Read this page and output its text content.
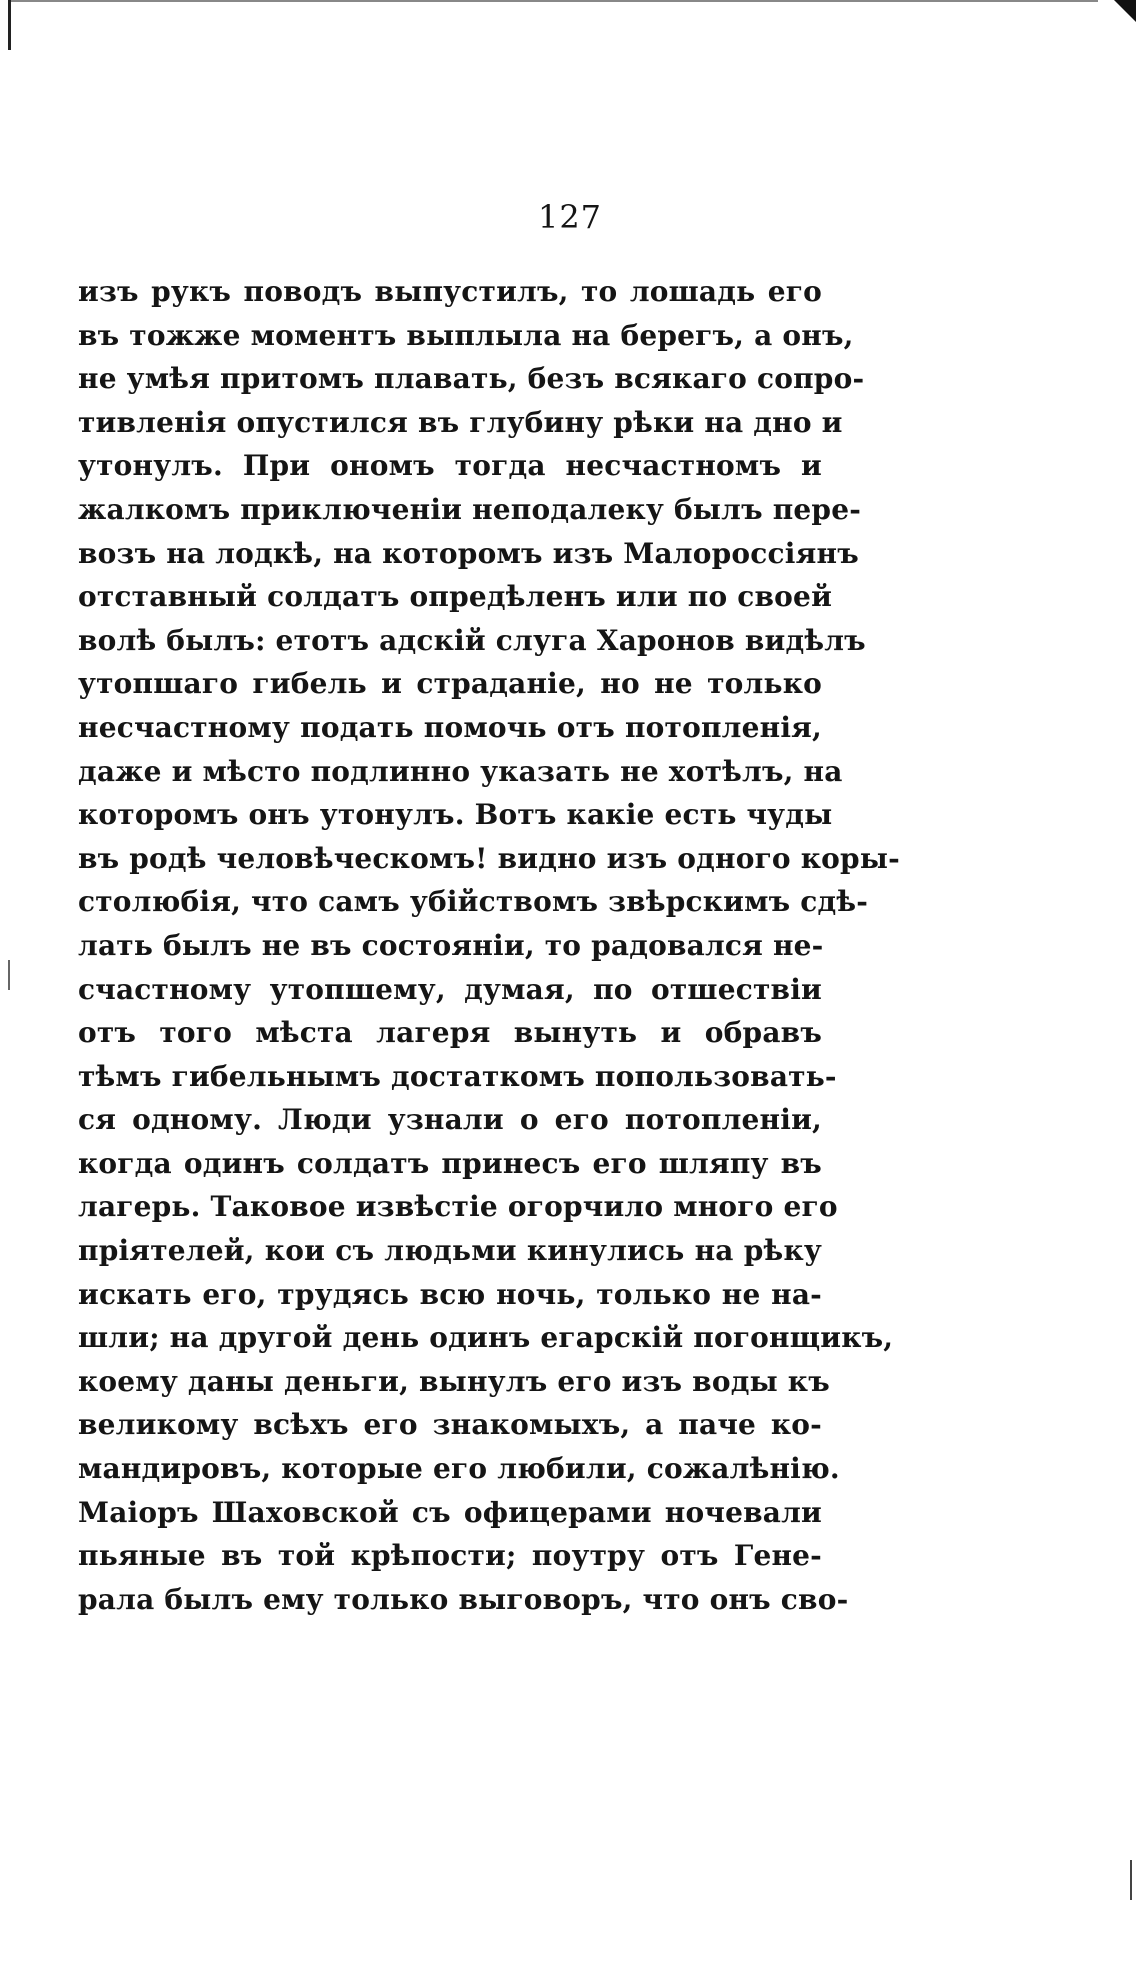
127
изъ рукъ поводъ выпустилъ, то лошадь его
въ тожже моментъ выплыла на берегъ, а онъ,
не умѣя притомъ плавать, безъ всякаго сопро-
тивленія опустился въ глубину рѣки на дно и
утонулъ. При ономъ тогда несчастномъ и
жалкомъ приключеніи неподалеку былъ пере-
возъ на лодкѣ, на которомъ изъ Малороссіянъ
отставный солдатъ опредѣленъ или по своей
волѣ былъ: етотъ адскій слуга Харонов видѣлъ
утопшаго гибель и страданіе, но не только
несчастному подать помочь отъ потопленія,
даже и мѣсто подлинно указать не хотѣлъ, на
которомъ онъ утонулъ. Вотъ какіе есть чуды
въ родѣ человѣческомъ! видно изъ одного коры-
столюбія, что самъ убійствомъ звѣрскимъ сдѣ-
лать былъ не въ состояніи, то радовался не-
счастному утопшему, думая, по отшествіи
отъ того мѣста лагеря вынуть и обравъ
тѣмъ гибельнымъ достаткомъ попользовать-
ся одному. Люди узнали о его потопленіи,
когда одинъ солдатъ принесъ его шляпу въ
лагерь. Таковое извѣстіе огорчило много его
пріятелей, кои съ людьми кинулись на рѣку
искать его, трудясь всю ночь, только не на-
шли; на другой день одинъ егарскій погонщикъ,
коему даны деньги, вынулъ его изъ воды къ
великому всѣхъ его знакомыхъ, а паче ко-
мандировъ, которые его любили, сожалѣнію.
Маіоръ Шаховской съ офицерами ночевали
пьяные въ той крѣпости; поутру отъ Гене-
рала былъ ему только выговоръ, что онъ сво-
